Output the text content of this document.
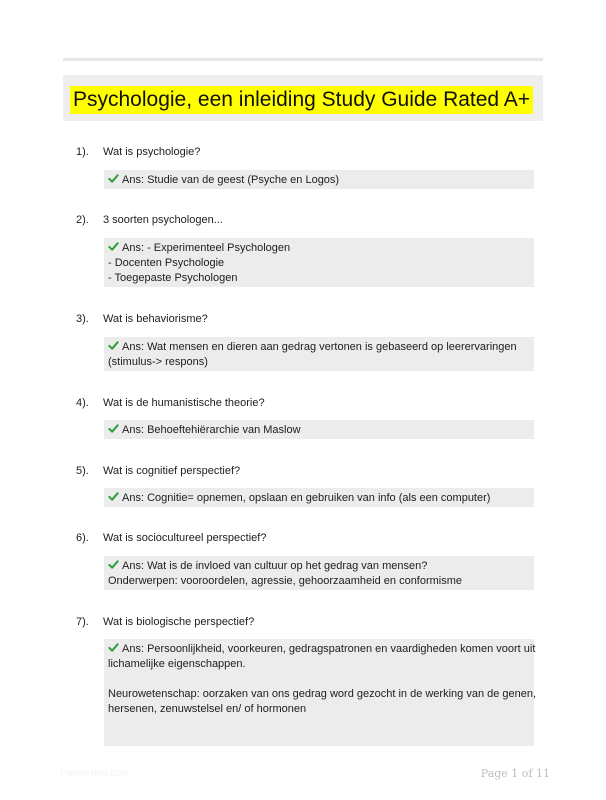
Psychologie, een inleiding Study Guide Rated A+
1). Wat is psychologie?
Ans: Studie van de geest (Psyche en Logos)
2). 3 soorten psychologen...
Ans: - Experimenteel Psychologen
- Docenten Psychologie
- Toegepaste Psychologen
3). Wat is behaviorisme?
Ans: Wat mensen en dieren aan gedrag vertonen is gebaseerd op leerervaringen
(stimulus-> respons)
4). Wat is de humanistische theorie?
Ans: Behoeftehiërarchie van Maslow
5). Wat is cognitief perspectief?
Ans: Cognitie= opnemen, opslaan en gebruiken van info (als een computer)
6). Wat is sociocultureel perspectief?
Ans: Wat is de invloed van cultuur op het gedrag van mensen?
Onderwerpen: vooroordelen, agressie, gehoorzaamheid en conformisme
7). Wat is biologische perspectief?
Ans: Persoonlijkheid, voorkeuren, gedragspatronen en vaardigheden komen voort uit
lichamelijke eigenschappen.
Neurowetenschap: oorzaken van ons gedrag word gezocht in de werking van de genen,
hersenen, zenuwstelsel en/ of hormonen
PaperHelp.com	Page 1 of 11
